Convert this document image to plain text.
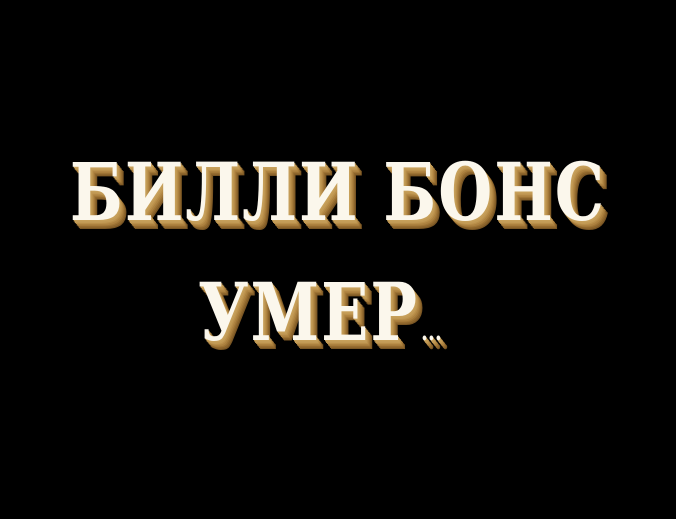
БИЛЛИ БОНС
УМЕР ...
